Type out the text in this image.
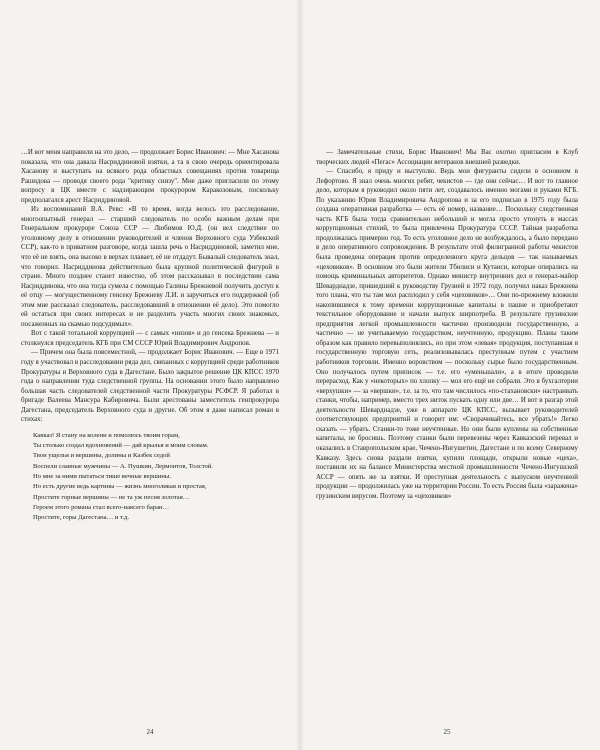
…И вот меня направили на это дело, — продолжает Борис Иванович: — Мне Хасанова показала, что она давала Насриддиновой взятки, а та в свою очередь ориентировала Хасанову и выступать на всякого рода областных совещаниях против товарища Рашидова — проводя своего рода "критику снизу". Мне даже пригласили по этому вопросу в ЦК вместе с надзирающим прокурором Каракозовым, поскольку предполагался арест Насриддиновой.

Из воспоминаний В.А. Ревс: «В то время, когда велось это расследование, многоопытный генерал — старший следователь по особо важным делам при Генеральном прокуроре Союза ССР — Любимов Ю.Д. (он вел следствие по уголовному делу в отношении руководителей и членов Верховного суда Узбекской ССР), как-то в приватном разговоре, когда зашла речь о Насриддиновой, заметил мне, что её не взять, она высоко в верхах плавает, её не отдадут. Бывалый следователь знал, что говорил. Насриддинова действительно была крупной политической фигурой в стране. Много позднее станет известно, об этом рассказывал в последствии сама Насриддинова, что она тогда сумела с помощью Галины Брежневой получить доступ к её отцу — могущественному генсеку Брежневу Л.И. и заручиться его поддержкой (об этом мне рассказал следователь, расследовавший в отношении её дело). Это помогло ей остаться при своих интересах и не разделить участь многих своих знакомых, посаженных на скамью подсудимых».

Вот с такой тотальной коррупцией — с самых «низов» и до генсека Брежнева — и столкнулся председатель КГБ при СМ СССР Юрий Владимирович Андропов.

— Причем она была повсеместной, — продолжает Борис Иванович. — Еще в 1971 году я участвовал в расследовании ряда дел, связанных с коррупцией среди работников Прокуратуры и Верховного суда в Дагестане. Было закрытое решение ЦК КПСС 1970 года о направлении туда следственной группы. На основании этого было направлено большая часть следователей следственной части Прокуратуры РСФСР. Я работал в бригаде Валеева Мансура Кабировича. Были арестованы заместитель генпрокурора Дагестана, председатель Верховного суда и другие. Об этом я даже написал роман в стихах:

Кавказ! Я стану на колени и помолюсь твоим горам,
Ты столько создал вдохновений — дай крылья и моим словам.
Твои ущелья и вершины, долины и Казбек седой
Воспели славные мужчины — А. Пушкин, Лермонтов, Толстой.
Но мне за ними пытаться тише вечные вершины.
Но есть другие ведь картины — жизнь многоликая и простая,
Простите горные вершины — не та уж песня золотая…
Героем этого романа стал всего-навсего баран…
Простите, горы Дагестана… и т.д.
24

— Замечательные стихи, Борис Иванович! Мы Вас охотно пригласим в Клуб творческих людей «Пегас» Ассоциации ветеранов внешней разведки.

— Спасибо, я приду и выступлю. Ведь мои фигуранты сидели в основном в Лефортово. Я знал очень многих ребят, чекистов — где они сейчас… И вот то главное дело, которым я руководил около пяти лет, создавалось именно могами и руками КГБ. По указанию Юрия Владимировича Андропова и за его подписью в 1975 году была создана оперативная разработка — есть её номер, название… Поскольку следственная часть КГБ была тогда сравнительно небольшой и могла просто утонуть в массах коррупционных стихий, то была привлечена Прокуратура СССР. Тайная разработка продолжалась примерно год. То есть уголовное дело не возбуждалось, а было передано в дело оперативного сопровождения. В результате этой филигранной работы чекистов была проведена операция против определенного круга дельцов — так называемых «цеховиков». В основном это были жители Тбилиси и Кутаиси, которые опирались на помощь криминальных авторитетов. Однако министр внутренних дел и генерал-майор Шеварднадзе, пришедший к руководству Грузией в 1972 году, получил наказ Брежнева того плана, что ты там мол расплодил у себя «цеховиков»… Они по-прежнему вложили накопившиеся к тому времени коррупционные капиталы в пашне и приобретают текстильное оборудование и начали выпуск ширпотреба. В результате грузинские предприятия легкой промышленности частично производили государственную, а частично — не учитываемую государством, неучтенную, продукцию. Планы таким образом как правило перевыполнялись, но при этом «левая» продукция, поступавшая в государственную торговую сеть, реализовывалась преступным путем с участием работников торговли. Именно воровством — поскольку сырье было государственным. Оно получалось путем приписок — т.е. его «уменьшали», а в итоге проводили перерасход. Как у «некоторых» по хлопку — мол его ещё не собрали. Это в бухгалтерии «верхушки» — за «вершки», т.е. за то, что там числилось «по-стахановски» настраивать станки, чтобы, например, вместо трех ниток пускать одну или две… И вот в разгар этой деятельности Шеварднадзе, уже в аппарате ЦК КПСС, вызывает руководителей соответствующих предприятий и говорит им: «Сворачивайтесь, все убрать!» Легко сказать — убрать. Станки-то тоже неучтенные. Но они были куплены на собственные капиталы, не бросишь. Поэтому станки были перевезены через Кавказский перевал и оказались в Ставропольском крае, Чечено-Ингушетии, Дагестане и по всему Северному Кавказу. Здесь снова раздали взятки, купили площади, открыли новые «цеха», поставили их на балансе Министерства местной промышленности Чечено-Ингушской АССР — опять же за взятки. И преступная деятельность с выпуском неучтенной продукции — продолжилась уже на территории России. То есть Россия была «заражена» грузинским вирусом. Поэтому за «цеховиков»

25
